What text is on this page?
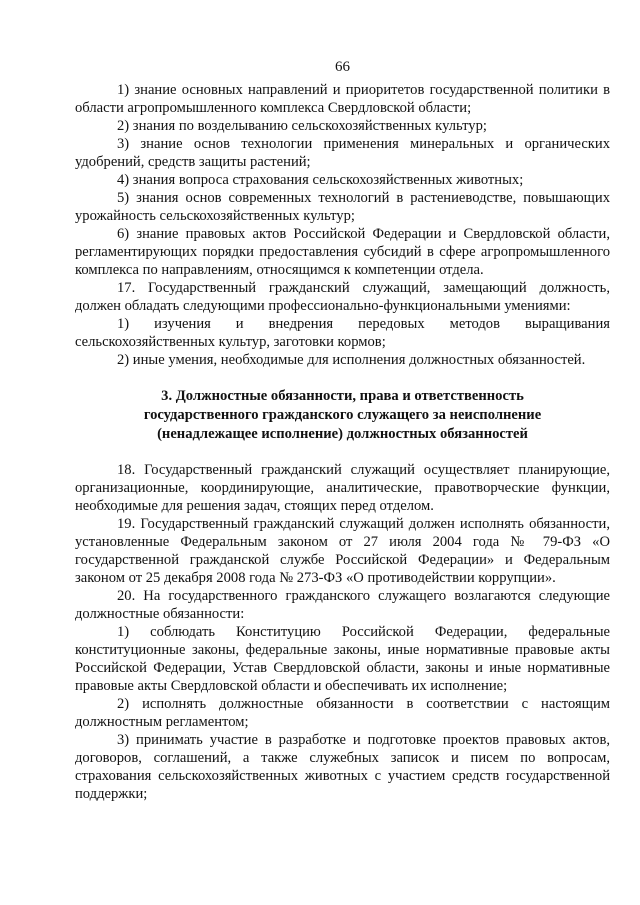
66

1) знание основных направлений и приоритетов государственной политики в области агропромышленного комплекса Свердловской области;

2) знания по возделыванию сельскохозяйственных культур;

3) знание основ технологии применения минеральных и органических удобрений, средств защиты растений;

4) знания вопроса страхования сельскохозяйственных животных;

5) знания основ современных технологий в растениеводстве, повышающих урожайность сельскохозяйственных культур;

6) знание правовых актов Российской Федерации и Свердловской области, регламентирующих порядки предоставления субсидий в сфере агропромышленного комплекса по направлениям, относящимся к компетенции отдела.

17. Государственный гражданский служащий, замещающий должность, должен обладать следующими профессионально-функциональными умениями:

1) изучения и внедрения передовых методов выращивания сельскохозяйственных культур, заготовки кормов;

2) иные умения, необходимые для исполнения должностных обязанностей.

3. Должностные обязанности, права и ответственность
государственного гражданского служащего за неисполнение
(ненадлежащее исполнение) должностных обязанностей

18. Государственный гражданский служащий осуществляет планирующие, организационные, координирующие, аналитические, правотворческие функции, необходимые для решения задач, стоящих перед отделом.

19. Государственный гражданский служащий должен исполнять обязанности, установленные Федеральным законом от 27 июля 2004 года № 79-ФЗ «О государственной гражданской службе Российской Федерации» и Федеральным законом от 25 декабря 2008 года № 273-ФЗ «О противодействии коррупции».

20. На государственного гражданского служащего возлагаются следующие должностные обязанности:

1) соблюдать Конституцию Российской Федерации, федеральные конституционные законы, федеральные законы, иные нормативные правовые акты Российской Федерации, Устав Свердловской области, законы и иные нормативные правовые акты Свердловской области и обеспечивать их исполнение;

2) исполнять должностные обязанности в соответствии с настоящим должностным регламентом;

3) принимать участие в разработке и подготовке проектов правовых актов, договоров, соглашений, а также служебных записок и писем по вопросам, страхования сельскохозяйственных животных с участием средств государственной поддержки;
